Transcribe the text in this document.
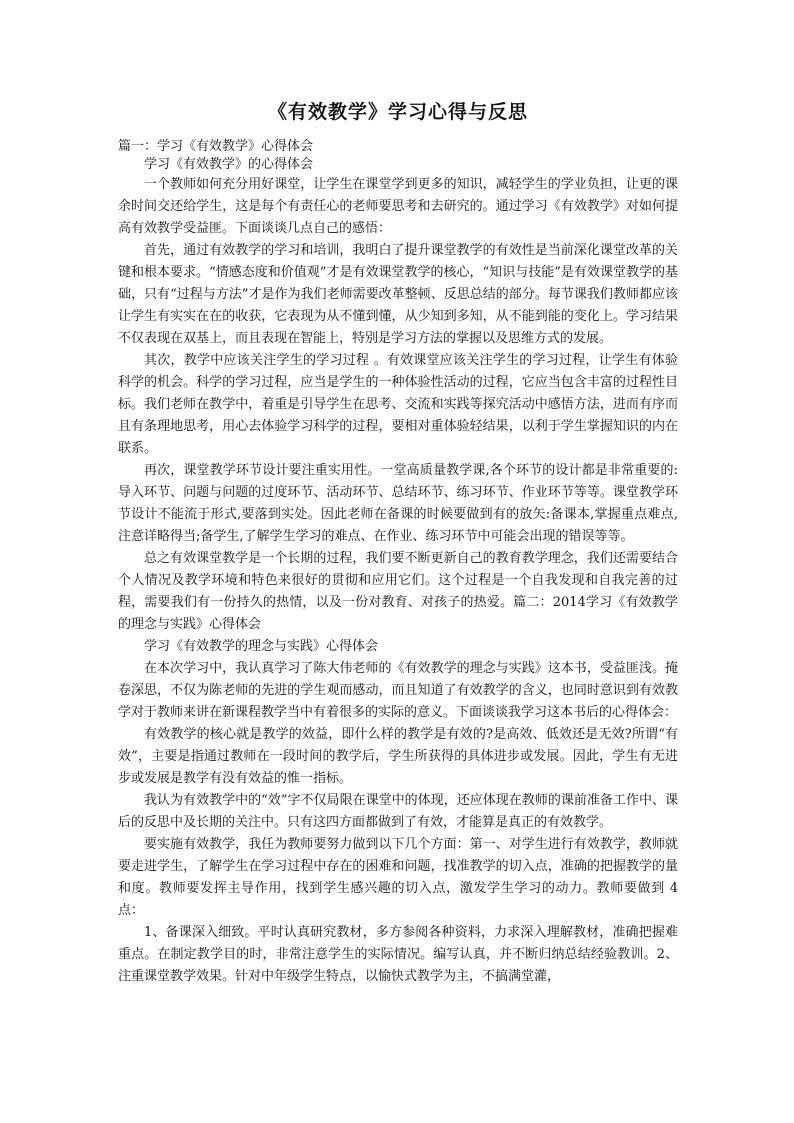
《有效教学》学习心得与反思

篇一：学习《有效教学》心得体会

学习《有效教学》的心得体会

一个教师如何充分用好课堂，让学生在课堂学到更多的知识，减轻学生的学业负担，让更的课余时间交还给学生，这是每个有责任心的老师要思考和去研究的。通过学习《有效教学》对如何提高有效教学受益匪。下面谈谈几点自己的感悟：

首先，通过有效教学的学习和培训，我明白了提升课堂教学的有效性是当前深化课堂改革的关键和根本要求。“情感态度和价值观”才是有效课堂教学的核心，“知识与技能”是有效课堂教学的基础，只有“过程与方法”才是作为我们老师需要改革整顿、反思总结的部分。每节课我们教师都应该让学生有实实在在的收获，它表现为从不懂到懂，从少知到多知，从不能到能的变化上。学习结果不仅表现在双基上，而且表现在智能上，特别是学习方法的掌握以及思维方式的发展。

其次，教学中应该关注学生的学习过程 。有效课堂应该关注学生的学习过程，让学生有体验科学的机会。科学的学习过程，应当是学生的一种体验性活动的过程，它应当包含丰富的过程性目标。我们老师在教学中，着重是引导学生在思考、交流和实践等探究活动中感悟方法，进而有序而且有条理地思考，用心去体验学习科学的过程，要相对重体验轻结果，以利于学生掌握知识的内在联系。

再次，课堂教学环节设计要注重实用性。一堂高质量教学课,各个环节的设计都是非常重要的: 导入环节、问题与问题的过度环节、活动环节、总结环节、练习环节、作业环节等等。课堂教学环节设计不能流于形式,要落到实处。因此老师在备课的时候要做到有的放矢:备课本,掌握重点难点,注意详略得当;备学生,了解学生学习的难点、在作业、练习环节中可能会出现的错误等等。

总之有效课堂教学是一个长期的过程，我们要不断更新自己的教育教学理念，我们还需要结合个人情况及教学环境和特色来很好的贯彻和应用它们。这个过程是一个自我发现和自我完善的过程，需要我们有一份持久的热情，以及一份对教育、对孩子的热爱。篇二：2014学习《有效教学的理念与实践》心得体会

学习《有效教学的理念与实践》心得体会

在本次学习中，我认真学习了陈大伟老师的《有效教学的理念与实践》这本书，受益匪浅。掩卷深思，不仅为陈老师的先进的学生观而感动，而且知道了有效教学的含义，也同时意识到有效教学对于教师来讲在新课程教学当中有着很多的实际的意义。下面谈谈我学习这本书后的心得体会：

有效教学的核心就是教学的效益，即什么样的教学是有效的?是高效、低效还是无效?所谓“有效”，主要是指通过教师在一段时间的教学后，学生所获得的具体进步或发展。因此，学生有无进步或发展是教学有没有效益的惟一指标。

我认为有效教学中的“效”字不仅局限在课堂中的体现，还应体现在教师的课前准备工作中、课后的反思中及长期的关注中。只有这四方面都做到了有效，才能算是真正的有效教学。

要实施有效教学，我任为教师要努力做到以下几个方面：第一、对学生进行有效教学，教师就要走进学生，了解学生在学习过程中存在的困难和问题，找准教学的切入点，准确的把握教学的量和度。教师要发挥主导作用，找到学生感兴趣的切入点，激发学生学习的动力。教师要做到 4 点：

1、备课深入细致。平时认真研究教材，多方参阅各种资料，力求深入理解教材，准确把握难重点。在制定教学目的时，非常注意学生的实际情况。编写认真，并不断归纳总结经验教训。2、注重课堂教学效果。针对中年级学生特点，以愉快式教学为主，不搞满堂灌，
